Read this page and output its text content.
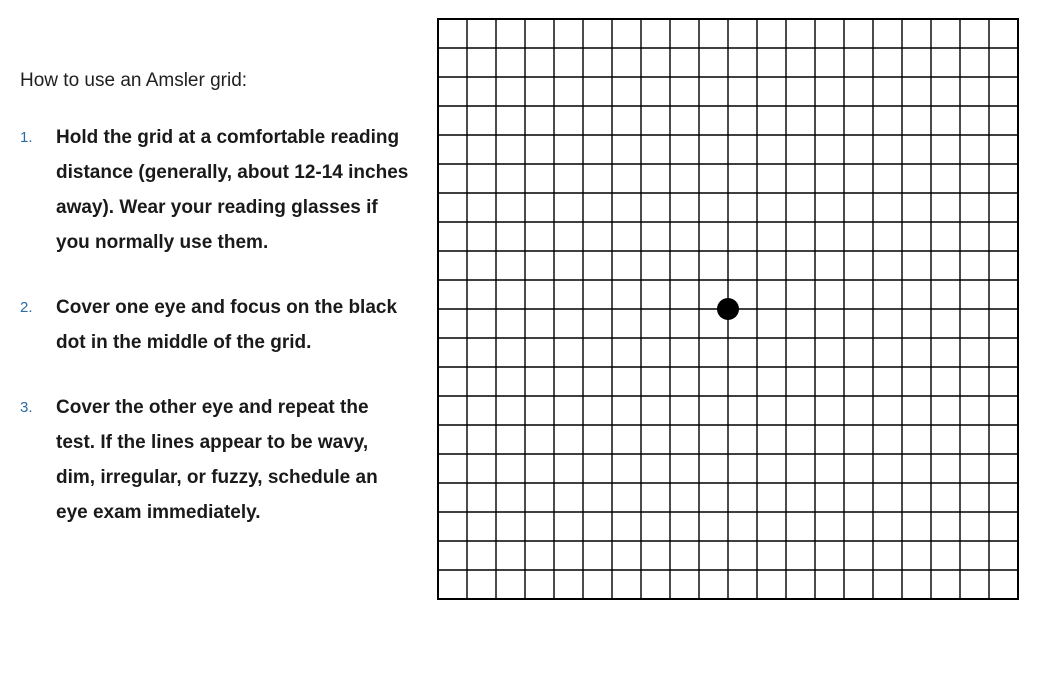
How to use an Amsler grid:

1.	Hold the grid at a comfortable reading distance (generally, about 12-14 inches away). Wear your reading glasses if you normally use them.
2.	Cover one eye and focus on the black dot in the middle of the grid.
3.	Cover the other eye and repeat the test. If the lines appear to be wavy, dim, irregular, or fuzzy, schedule an eye exam immediately.
